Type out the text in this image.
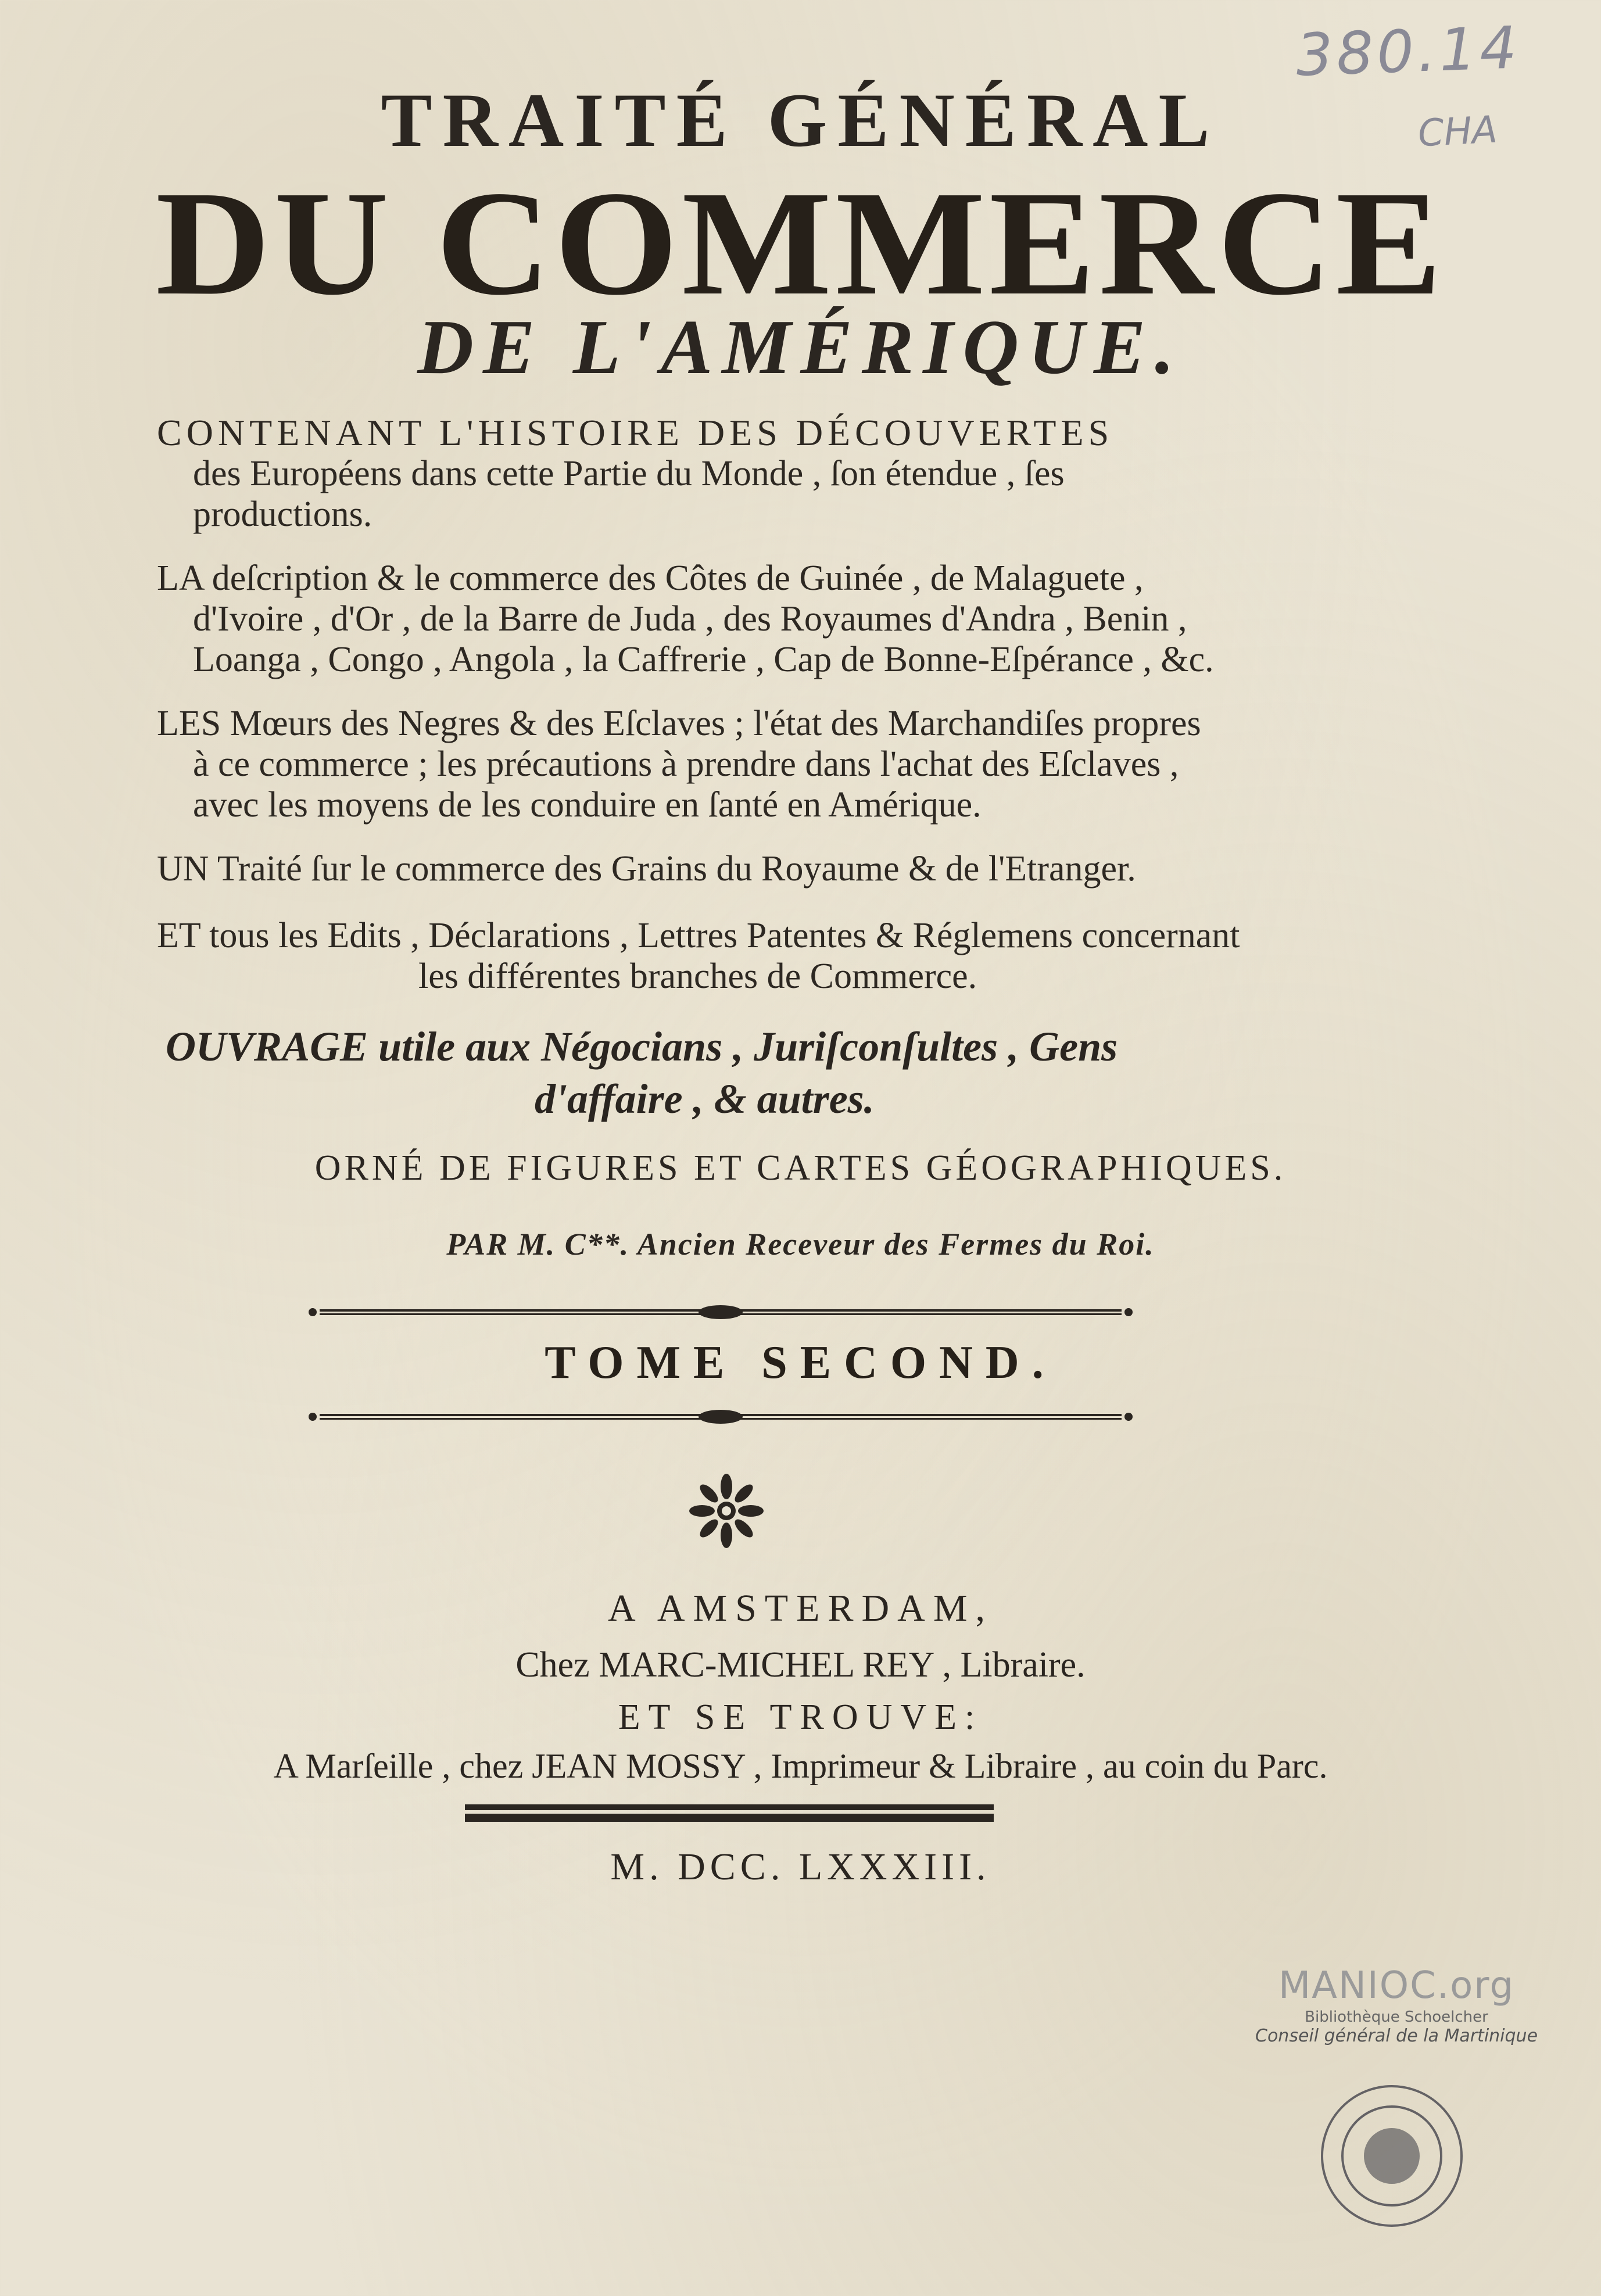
380.14
CHA
TRAITÉ GÉNÉRAL
DU COMMERCE
DE L'AMÉRIQUE.
CONTENANT L'HISTOIRE DES DÉCOUVERTES
des Européens dans cette Partie du Monde , ſon étendue , ſes
productions.
LA deſcription & le commerce des Côtes de Guinée , de Malaguete ,
d'Ivoire , d'Or , de la Barre de Juda , des Royaumes d'Andra , Benin ,
Loanga , Congo , Angola , la Caffrerie , Cap de Bonne-Eſpérance , &c.
LES Mœurs des Negres & des Eſclaves ; l'état des Marchandiſes propres
à ce commerce ; les précautions à prendre dans l'achat des Eſclaves ,
avec les moyens de les conduire en ſanté en Amérique.
UN Traité ſur le commerce des Grains du Royaume & de l'Etranger.
ET tous les Edits , Déclarations , Lettres Patentes & Réglemens concernant
les différentes branches de Commerce.
OUVRAGE utile aux Négocians , Juriſconſultes , Gens
d'affaire , & autres.
ORNÉ DE FIGURES ET CARTES GÉOGRAPHIQUES.
PAR M. C**. Ancien Receveur des Fermes du Roi.
TOME SECOND.
A AMSTERDAM,
Chez MARC-MICHEL REY , Libraire.
ET SE TROUVE:
A Marſeille , chez JEAN MOSSY , Imprimeur & Libraire , au coin du Parc.
M. DCC. LXXXIII.
MANIOC.org
Bibliothèque Schoelcher
Conseil général de la Martinique
